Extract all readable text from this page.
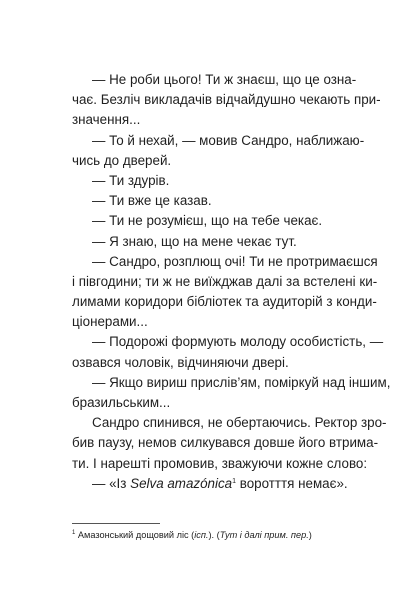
— Не роби цього! Ти ж знаєш, що це озна-
чає. Безліч викладачів відчайдушно чекають при-
значення...
— То й нехай, — мовив Сандро, наближаю-
чись до дверей.
— Ти здурів.
— Ти вже це казав.
— Ти не розумієш, що на тебе чекає.
— Я знаю, що на мене чекає тут.
— Сандро, розплющ очі! Ти не протримаєшся
і півгодини; ти ж не виїжджав далі за встелені ки-
лимами коридори бібліотек та аудиторій з конди-
ціонерами...
— Подорожі формують молоду особистість, —
озвався чоловік, відчиняючи двері.
— Якщо вириш прислів’ям, поміркуй над іншим,
бразильським...
Сандро спинився, не обертаючись. Ректор зро-
бив паузу, немов силкувався довше його втрима-
ти. І нарешті промовив, зважуючи кожне слово:
— «Із Selva amazónica$^1$ воротття немає».
$^1$ Амазонський дощовий ліс (ісп.). (Тут і далі прим. пер.)
